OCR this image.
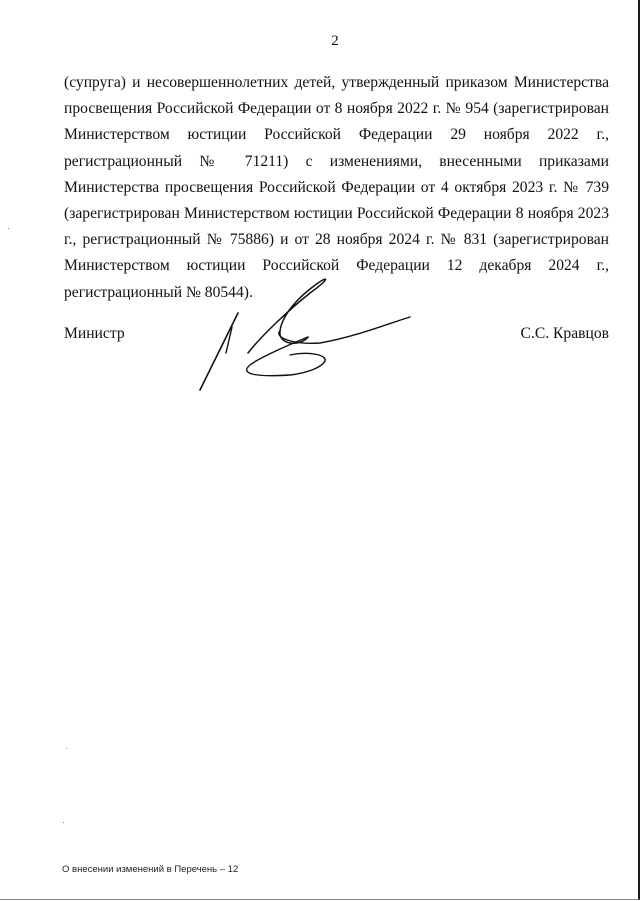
2

(супруга) и несовершеннолетних детей, утвержденный приказом Министерства просвещения Российской Федерации от 8 ноября 2022 г. № 954 (зарегистрирован Министерством юстиции Российской Федерации 29 ноября 2022 г., регистрационный № 71211) с изменениями, внесенными приказами Министерства просвещения Российской Федерации от 4 октября 2023 г. № 739 (зарегистрирован Министерством юстиции Российской Федерации 8 ноября 2023 г., регистрационный № 75886) и от 28 ноября 2024 г. № 831 (зарегистрирован Министерством юстиции Российской Федерации 12 декабря 2024 г., регистрационный № 80544).

Министр	С.С. Кравцов
О внесении изменений в Перечень – 12
